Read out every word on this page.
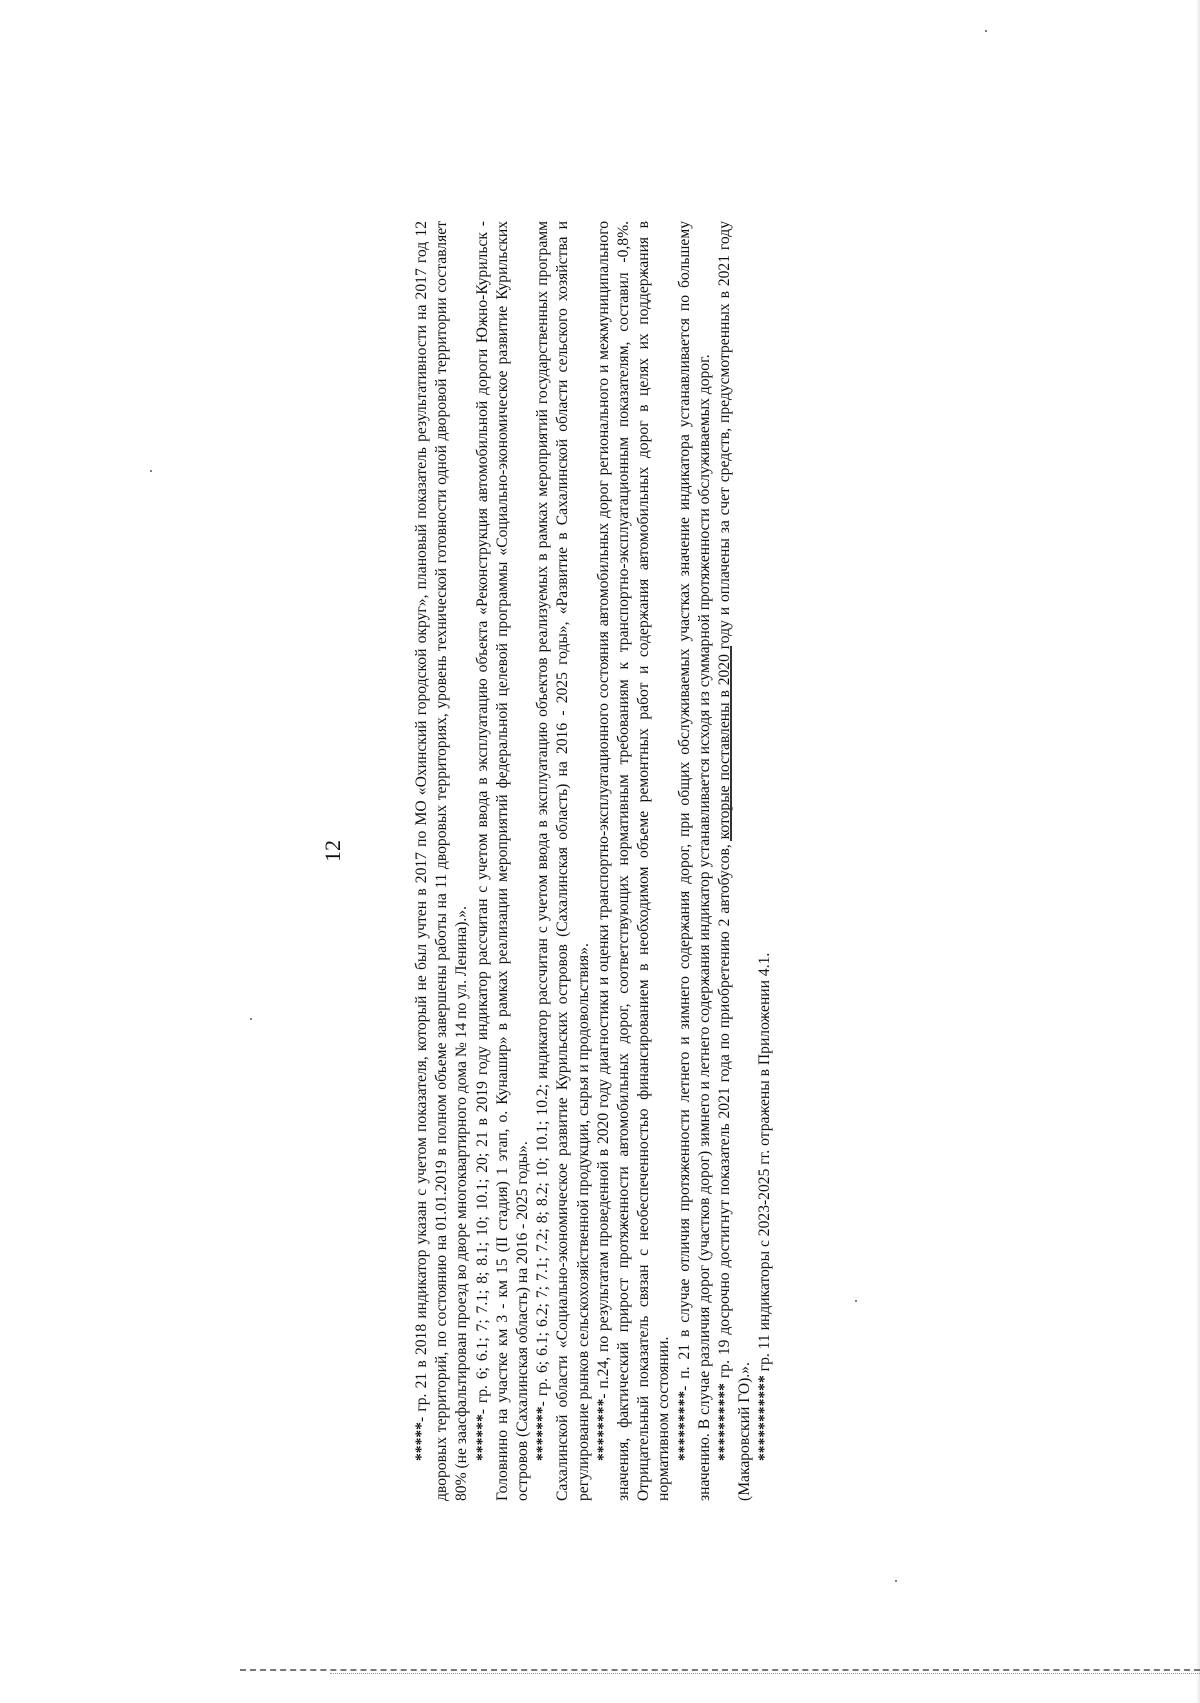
12

*****- гр. 21 в 2018 индикатор указан с учетом показателя, который не был учтен в 2017 по МО «Охинский городской округ», плановый показатель результативности на 2017 год 12 дворовых территорий, по состоянию на 01.01.2019 в полном объеме завершены работы на 11 дворовых территориях, уровень технической готовности одной дворовой территории составляет 80% (не заасфальтирован проезд во дворе многоквартирного дома № 14 по ул. Ленина).». ******- гр. 6; 6.1; 7; 7.1; 8; 8.1; 10; 10.1; 20; 21 в 2019 году индикатор рассчитан с учетом ввода в эксплуатацию объекта «Реконструкция автомобильной дороги Южно-Курильск - Головнино на участке км 3 - км 15 (II стадия) 1 этап, о. Кунашир» в рамках реализации мероприятий федеральной целевой программы «Социально-экономическое развитие Курильских островов (Сахалинская область) на 2016 - 2025 годы». *******- гр. 6; 6.1; 6.2; 7; 7.1; 7.2; 8; 8.2; 10; 10.1; 10.2; индикатор рассчитан с учетом ввода в эксплуатацию объектов реализуемых в рамках мероприятий государственных программ Сахалинской области «Социально-экономическое развитие Курильских островов (Сахалинская область) на 2016 - 2025 годы», «Развитие в Сахалинской области сельского хозяйства и регулирование рынков сельскохозяйственной продукции, сырья и продовольствия». ********- п.24, по результатам проведенной в 2020 году диагностики и оценки транспортно-эксплуатационного состояния автомобильных дорог регионального и межмуниципального значения, фактический прирост протяженности автомобильных дорог, соответствующих нормативным требованиям к транспортно-эксплуатационным показателям, составил -0,8%. Отрицательный показатель связан с необеспеченностью финансированием в необходимом объеме ремонтных работ и содержания автомобильных дорог в целях их поддержания в нормативном состоянии. *********- п. 21 в случае отличия протяженности летнего и зимнего содержания дорог, при общих обслуживаемых участках значение индикатора устанавливается по большему значению. В случае различия дорог (участков дорог) зимнего и летнего содержания индикатор устанавливается исходя из суммарной протяженности обслуживаемых дорог. ********** гр. 19 досрочно достигнут показатель 2021 года по приобретению 2 автобусов, которые поставлены в 2020 году и оплачены за счет средств, предусмотренных в 2021 году (Макаровский ГО).». *********** гр. 11 индикаторы с 2023-2025 гг. отражены в Приложении 4.1.
